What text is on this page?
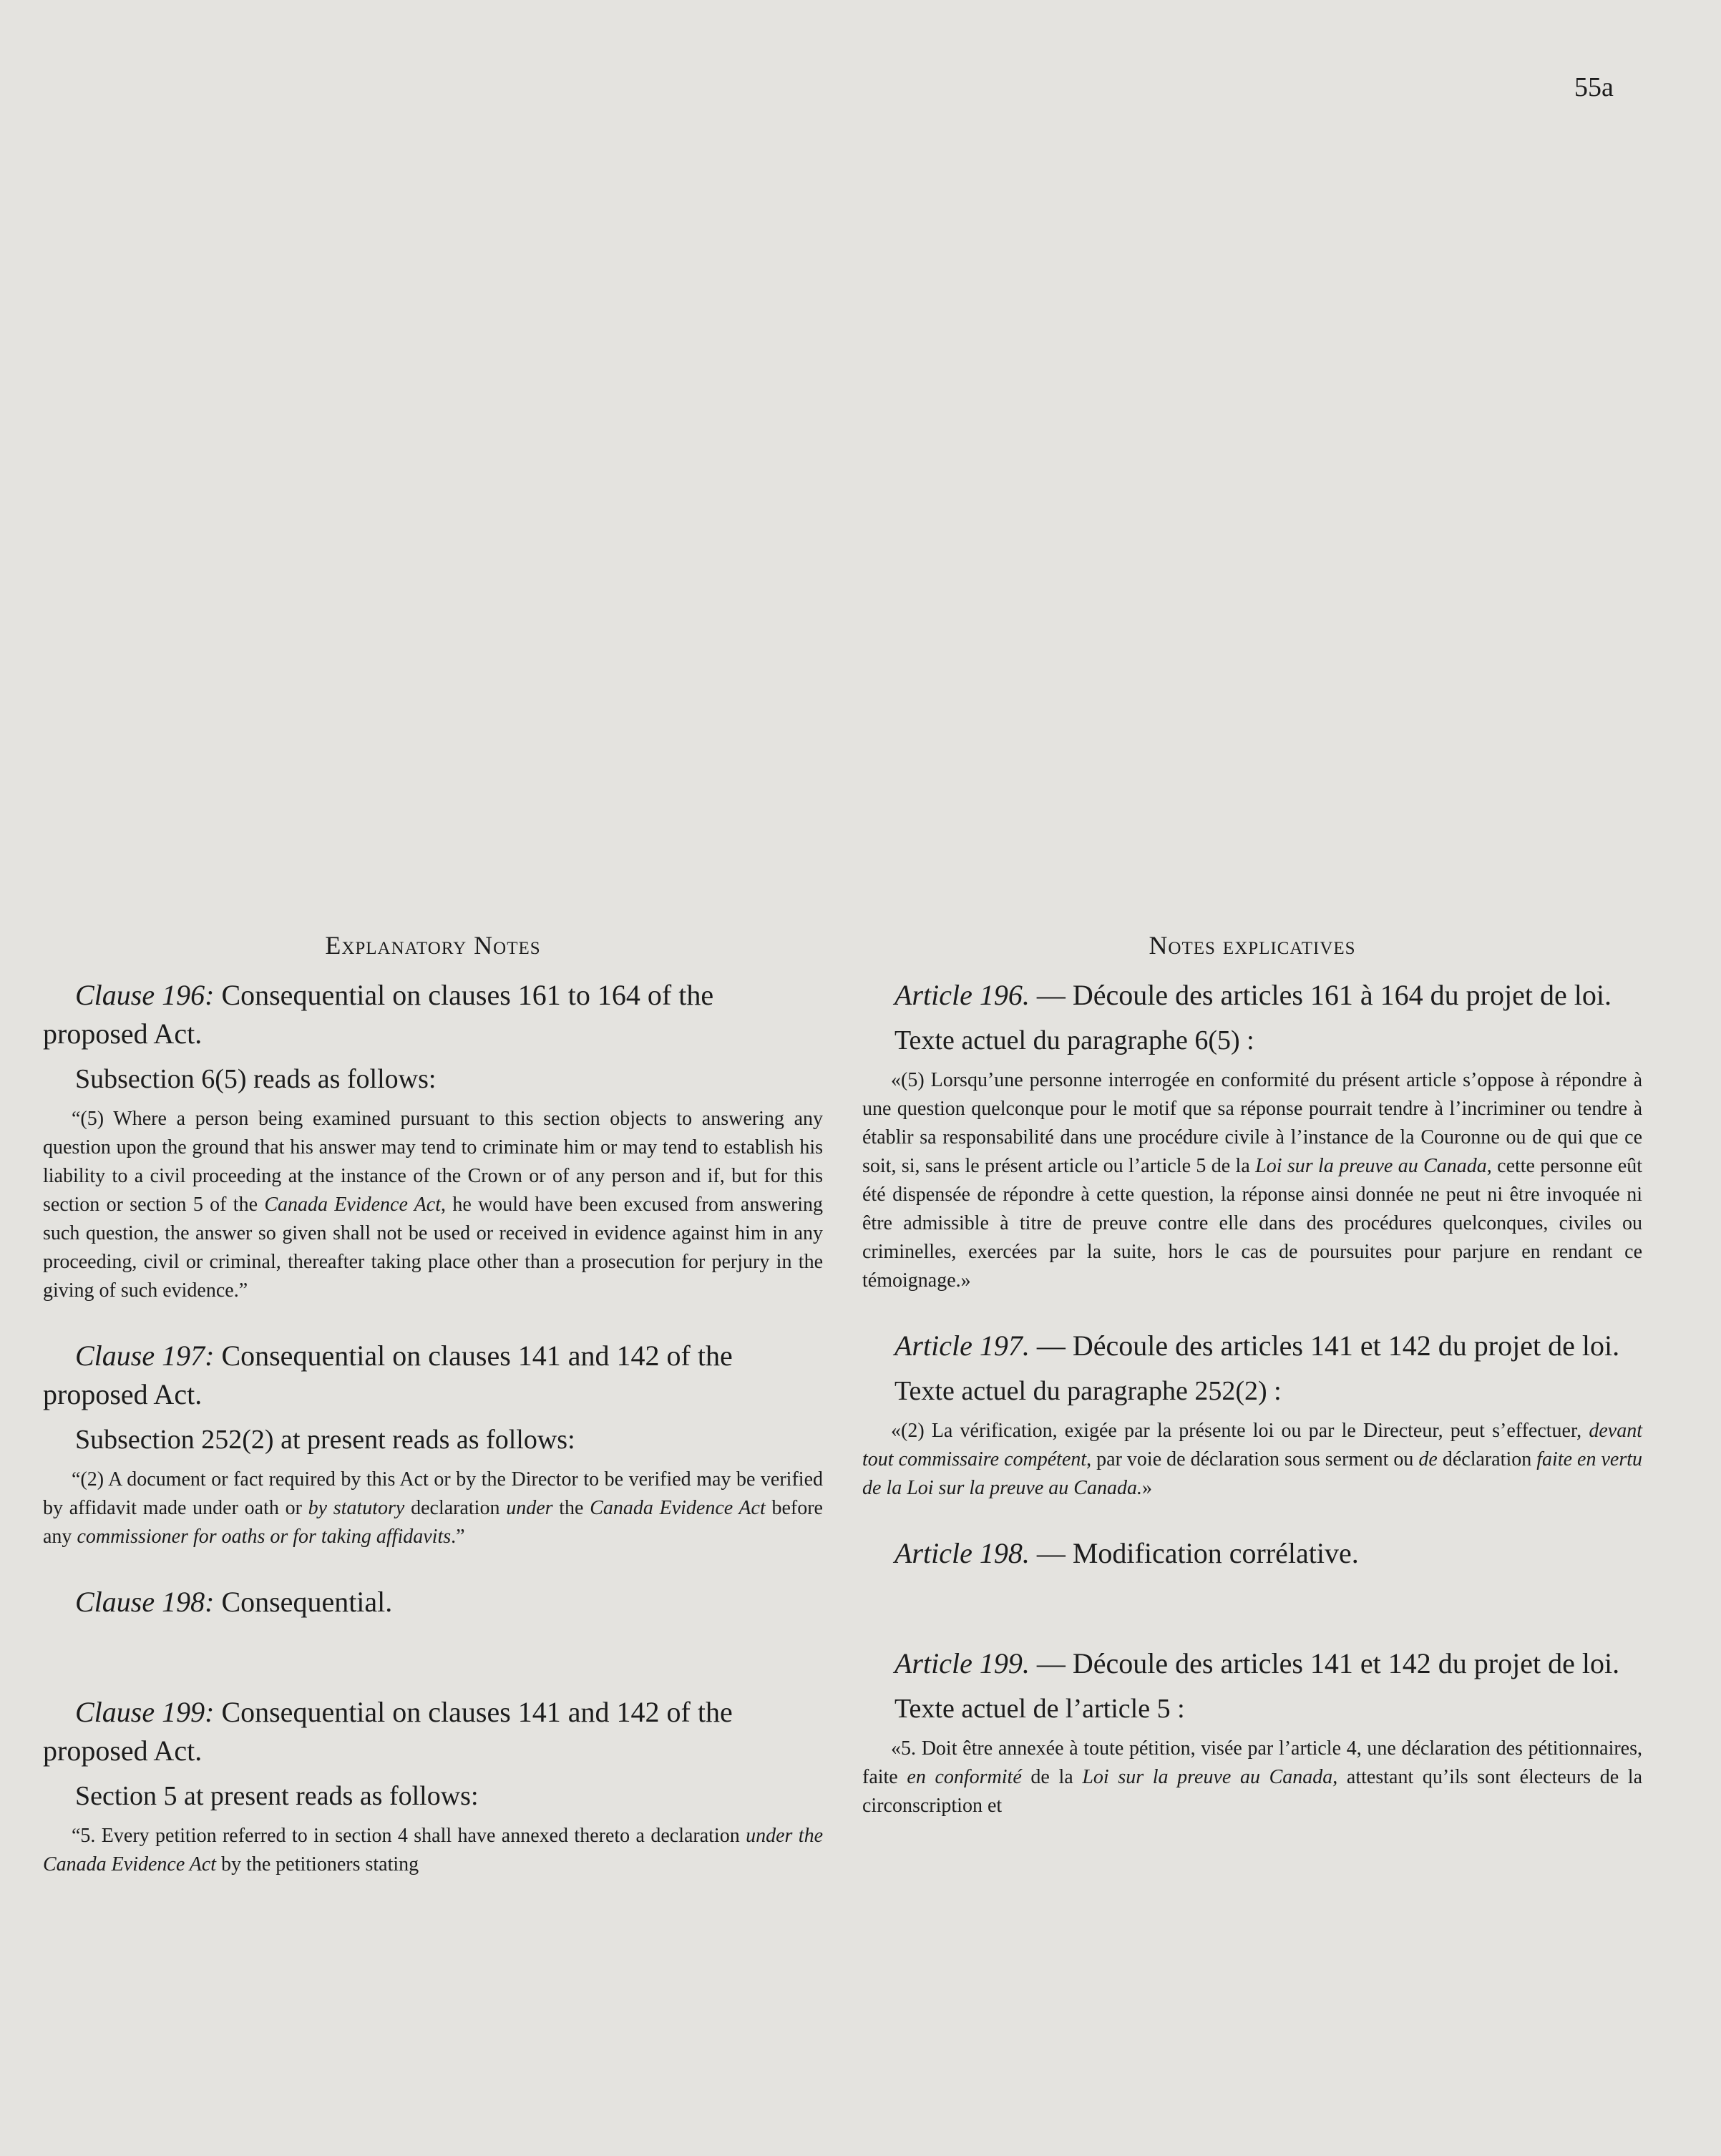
55a
Explanatory Notes

Clause 196: Consequential on clauses 161 to 164 of the proposed Act.

Subsection 6(5) reads as follows:

“(5) Where a person being examined pursuant to this section objects to answering any question upon the ground that his answer may tend to criminate him or may tend to establish his liability to a civil proceeding at the instance of the Crown or of any person and if, but for this section or section 5 of the Canada Evidence Act, he would have been excused from answering such question, the answer so given shall not be used or received in evidence against him in any proceeding, civil or criminal, thereafter taking place other than a prosecution for perjury in the giving of such evidence.”

Clause 197: Consequential on clauses 141 and 142 of the proposed Act.

Subsection 252(2) at present reads as follows:

“(2) A document or fact required by this Act or by the Director to be verified may be verified by affidavit made under oath or by statutory declaration under the Canada Evidence Act before any commissioner for oaths or for taking affidavits.”

Clause 198: Consequential.

Clause 199: Consequential on clauses 141 and 142 of the proposed Act.

Section 5 at present reads as follows:

“5. Every petition referred to in section 4 shall have annexed thereto a declaration under the Canada Evidence Act by the petitioners stating

Notes explicatives

Article 196. — Découle des articles 161 à 164 du projet de loi.

Texte actuel du paragraphe 6(5) :

«(5) Lorsqu’une personne interrogée en conformité du présent article s’oppose à répondre à une question quelconque pour le motif que sa réponse pourrait tendre à l’incriminer ou tendre à établir sa responsabilité dans une procédure civile à l’instance de la Couronne ou de qui que ce soit, si, sans le présent article ou l’article 5 de la Loi sur la preuve au Canada, cette personne eût été dispensée de répondre à cette question, la réponse ainsi donnée ne peut ni être invoquée ni être admissible à titre de preuve contre elle dans des procédures quelconques, civiles ou criminelles, exercées par la suite, hors le cas de poursuites pour parjure en rendant ce témoignage.»

Article 197. — Découle des articles 141 et 142 du projet de loi.

Texte actuel du paragraphe 252(2) :

«(2) La vérification, exigée par la présente loi ou par le Directeur, peut s’effectuer, devant tout commissaire compétent, par voie de déclaration sous serment ou de déclaration faite en vertu de la Loi sur la preuve au Canada.»

Article 198. — Modification corrélative.

Article 199. — Découle des articles 141 et 142 du projet de loi.

Texte actuel de l’article 5 :

«5. Doit être annexée à toute pétition, visée par l’article 4, une déclaration des pétitionnaires, faite en conformité de la Loi sur la preuve au Canada, attestant qu’ils sont électeurs de la circonscription et
